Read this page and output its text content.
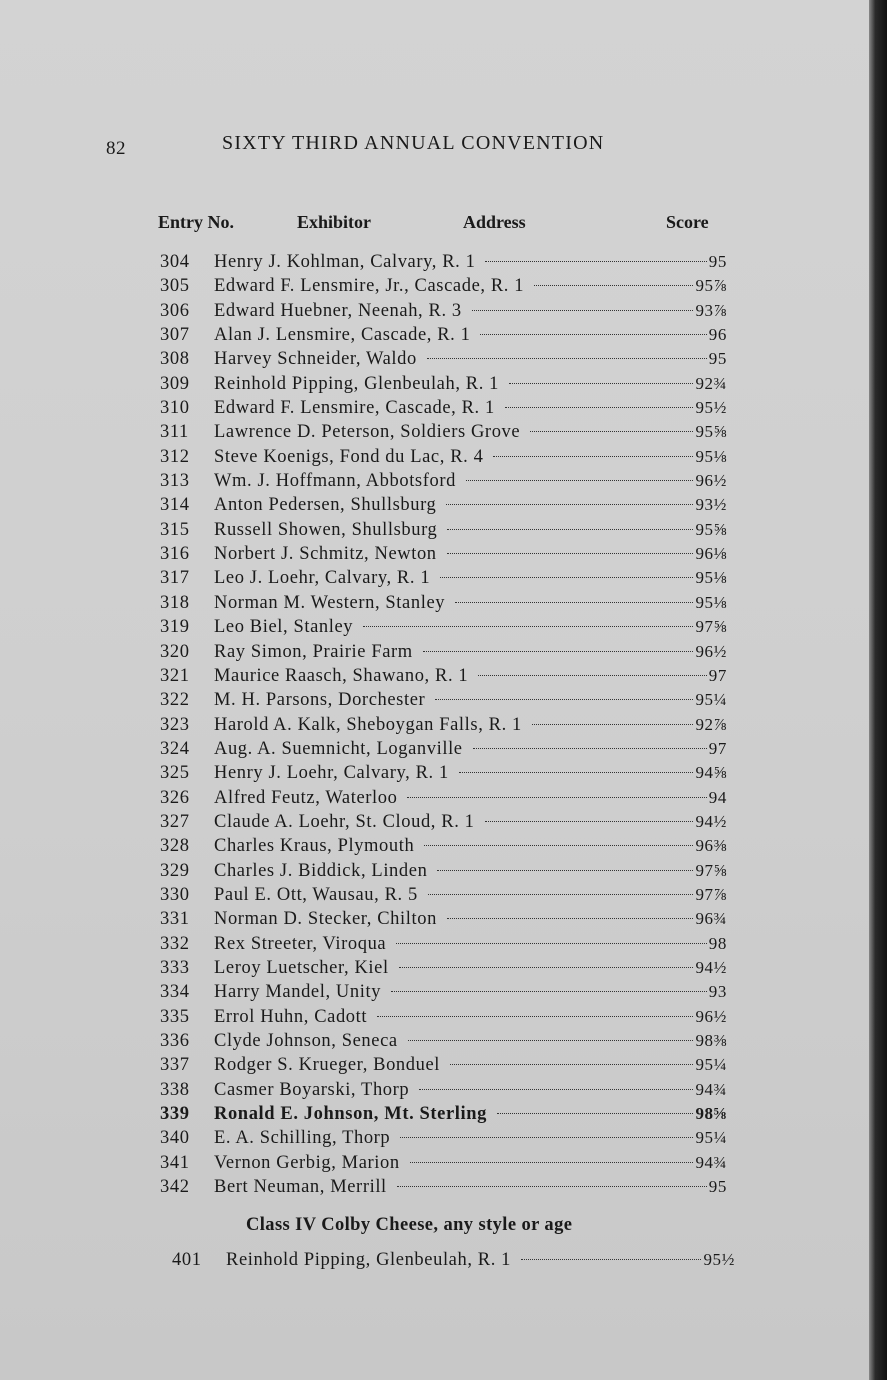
82	SIXTY THIRD ANNUAL CONVENTION
Entry No.	Exhibitor	Address	Score
304 Henry J. Kohlman, Calvary, R. 1	95
305 Edward F. Lensmire, Jr., Cascade, R. 1	95⅞
306 Edward Huebner, Neenah, R. 3	93⅞
307 Alan J. Lensmire, Cascade, R. 1	96
308 Harvey Schneider, Waldo	95
309 Reinhold Pipping, Glenbeulah, R. 1	92¾
310 Edward F. Lensmire, Cascade, R. 1	95½
311 Lawrence D. Peterson, Soldiers Grove	95⅝
312 Steve Koenigs, Fond du Lac, R. 4	95⅛
313 Wm. J. Hoffmann, Abbotsford	96½
314 Anton Pedersen, Shullsburg	93½
315 Russell Showen, Shullsburg	95⅝
316 Norbert J. Schmitz, Newton	96⅛
317 Leo J. Loehr, Calvary, R. 1	95⅛
318 Norman M. Western, Stanley	95⅛
319 Leo Biel, Stanley	97⅝
320 Ray Simon, Prairie Farm	96½
321 Maurice Raasch, Shawano, R. 1	97
322 M. H. Parsons, Dorchester	95¼
323 Harold A. Kalk, Sheboygan Falls, R. 1	92⅞
324 Aug. A. Suemnicht, Loganville	97
325 Henry J. Loehr, Calvary, R. 1	94⅝
326 Alfred Feutz, Waterloo	94
327 Claude A. Loehr, St. Cloud, R. 1	94½
328 Charles Kraus, Plymouth	96⅜
329 Charles J. Biddick, Linden	97⅝
330 Paul E. Ott, Wausau, R. 5	97⅞
331 Norman D. Stecker, Chilton	96¾
332 Rex Streeter, Viroqua	98
333 Leroy Luetscher, Kiel	94½
334 Harry Mandel, Unity	93
335 Errol Huhn, Cadott	96½
336 Clyde Johnson, Seneca	98⅜
337 Rodger S. Krueger, Bonduel	95¼
338 Casmer Boyarski, Thorp	94¾
339 Ronald E. Johnson, Mt. Sterling	98⅝
340 E. A. Schilling, Thorp	95¼
341 Vernon Gerbig, Marion	94¾
342 Bert Neuman, Merrill	95
Class IV Colby Cheese, any style or age
401 Reinhold Pipping, Glenbeulah, R. 1	95½
